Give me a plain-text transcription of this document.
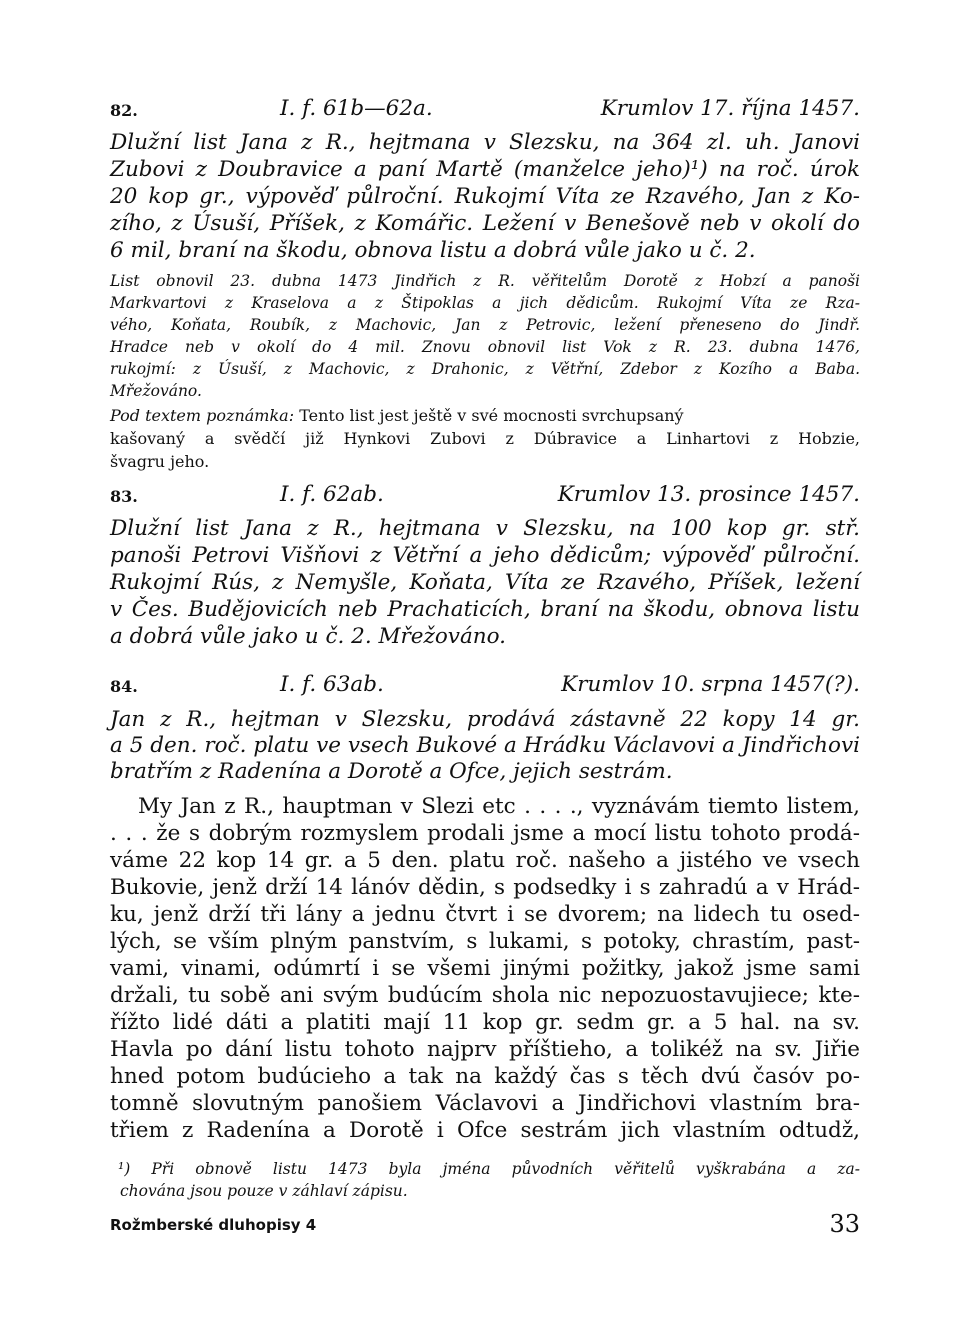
82.	I. f. 61b—62a.	Krumlov 17. října 1457.
Dlužní list Jana z R., hejtmana v Slezsku, na 364 zl. uh. Janovi
Zubovi z Doubravice a paní Martě (manželce jeho)¹) na roč. úrok
20 kop gr., výpověď půlroční. Rukojmí Víta ze Rzavého, Jan z Ko-
zího, z Úsuší, Příšek, z Komářic. Ležení v Benešově neb v okolí do
6 mil, braní na škodu, obnova listu a dobrá vůle jako u č. 2.
List obnovil 23. dubna 1473 Jindřich z R. věřitelům Dorotě z Hobzí a panoši
Markvartovi z Kraselova a z Štipoklas a jich dědicům. Rukojmí Víta ze Rza-
vého, Koňata, Roubík, z Machovic, Jan z Petrovic, ležení přeneseno do Jindř.
Hradce neb v okolí do 4 mil. Znovu obnovil list Vok z R. 23. dubna 1476,
rukojmí: z Úsuší, z Machovic, z Drahonic, z Větřní, Zdebor z Kozího a Baba.
Mřežováno.
Pod textem poznámka: Tento list jest ještě v své mocnosti svrchupsaný
kašovaný a svědčí již Hynkovi Zubovi z Dúbravice a Linhartovi z Hobzie,
švagru jeho.
83.	I. f. 62ab.	Krumlov 13. prosince 1457.
Dlužní list Jana z R., hejtmana v Slezsku, na 100 kop gr. stř.
panoši Petrovi Višňovi z Větřní a jeho dědicům; výpověď půlroční.
Rukojmí Rús, z Nemyšle, Koňata, Víta ze Rzavého, Příšek, ležení
v Čes. Budějovicích neb Prachaticích, braní na škodu, obnova listu
a dobrá vůle jako u č. 2. Mřežováno.
84.	I. f. 63ab.	Krumlov 10. srpna 1457(?).
Jan z R., hejtman v Slezsku, prodává zástavně 22 kopy 14 gr.
a 5 den. roč. platu ve vsech Bukové a Hrádku Václavovi a Jindřichovi
bratřím z Radenína a Dorotě a Ofce, jejich sestrám.
My Jan z R., hauptman v Slezi etc . . . ., vyznávám tiemto listem,
. . . že s dobrým rozmyslem prodali jsme a mocí listu tohoto prodá-
váme 22 kop 14 gr. a 5 den. platu roč. našeho a jistého ve vsech
Bukovie, jenž drží 14 lánóv dědin, s podsedky i s zahradú a v Hrád-
ku, jenž drží tři lány a jednu čtvrt i se dvorem; na lidech tu osed-
lých, se vším plným panstvím, s lukami, s potoky, chrastím, past-
vami, vinami, odúmrtí i se všemi jinými požitky, jakož jsme sami
držali, tu sobě ani svým budúcím shola nic nepozuostavujiece; kte-
řížto lidé dáti a platiti mají 11 kop gr. sedm gr. a 5 hal. na sv.
Havla po dání listu tohoto najprv příštieho, a tolikéž na sv. Jiřie
hned potom budúcieho a tak na každý čas s těch dvú časóv po-
tomně slovutným panošiem Václavovi a Jindřichovi vlastním bra-
třiem z Radenína a Dorotě i Ofce sestrám jich vlastním odtudž,
¹) Při obnově listu 1473 byla jména původních věřitelů vyškrabána a za-
chována jsou pouze v záhlaví zápisu.
Rožmberské dluhopisy 4	33
